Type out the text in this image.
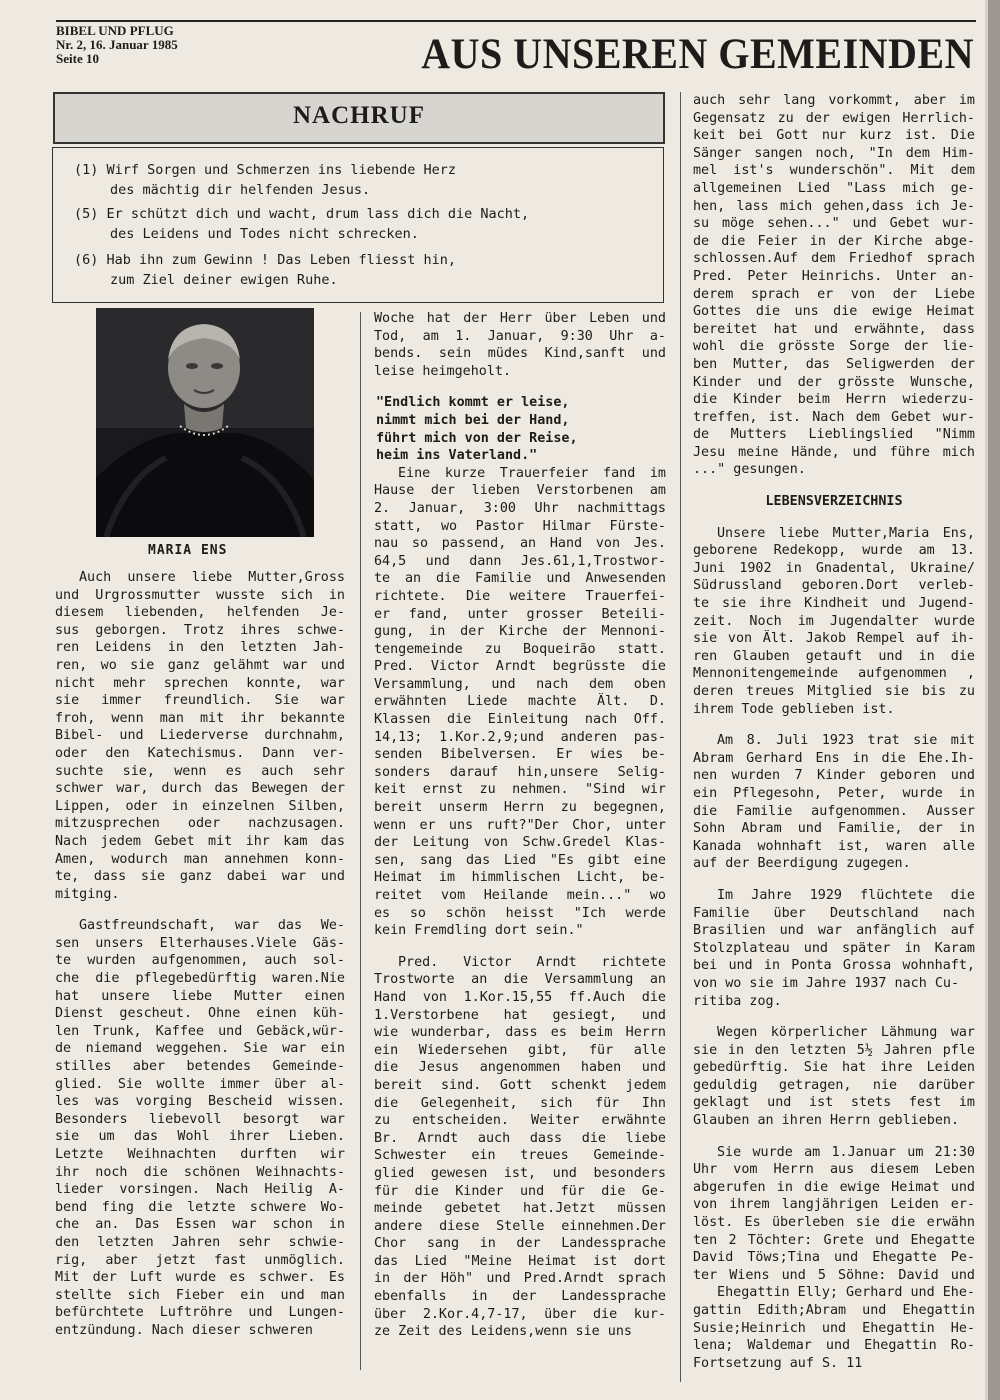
BIBEL UND PFLUG
Nr. 2, 16. Januar 1985
Seite 10	AUS UNSEREN GEMEINDEN
NACHRUF
(1) Wirf Sorgen und Schmerzen ins liebende Herz
des mächtig dir helfenden Jesus.
(5) Er schützt dich und wacht, drum lass dich die Nacht,
des Leidens und Todes nicht schrecken.
(6) Hab ihn zum Gewinn ! Das Leben fliesst hin,
zum Ziel deiner ewigen Ruhe.
MARIA ENS
Auch unsere liebe Mutter,Gross
und Urgrossmutter wusste sich in
diesem liebenden, helfenden Je-
sus geborgen. Trotz ihres schwe-
ren Leidens in den letzten Jah-
ren, wo sie ganz gelähmt war und
nicht mehr sprechen konnte, war
sie immer freundlich. Sie war
froh, wenn man mit ihr bekannte
Bibel- und Liederverse durchnahm,
oder den Katechismus. Dann ver-
suchte sie, wenn es auch sehr
schwer war, durch das Bewegen der
Lippen, oder in einzelnen Silben,
mitzusprechen oder nachzusagen.
Nach jedem Gebet mit ihr kam das
Amen, wodurch man annehmen konn-
te, dass sie ganz dabei war und
mitging.
Gastfreundschaft, war das We-
sen unsers Elterhauses.Viele Gäs-
te wurden aufgenommen, auch sol-
che die pflegebedürftig waren.Nie
hat unsere liebe Mutter einen
Dienst gescheut. Ohne einen küh-
len Trunk, Kaffee und Gebäck,wür-
de niemand weggehen. Sie war ein
stilles aber betendes Gemeinde-
glied. Sie wollte immer über al-
les was vorging Bescheid wissen.
Besonders liebevoll besorgt war
sie um das Wohl ihrer Lieben.
Letzte Weihnachten durften wir
ihr noch die schönen Weihnachts-
lieder vorsingen. Nach Heilig A-
bend fing die letzte schwere Wo-
che an. Das Essen war schon in
den letzten Jahren sehr schwie-
rig, aber jetzt fast unmöglich.
Mit der Luft wurde es schwer. Es
stellte sich Fieber ein und man
befürchtete Luftröhre und Lungen-
entzündung. Nach dieser schweren
Woche hat der Herr über Leben und
Tod, am 1. Januar, 9:30 Uhr a-
bends. sein müdes Kind,sanft und
leise heimgeholt.
"Endlich kommt er leise,
nimmt mich bei der Hand,
führt mich von der Reise,
heim ins Vaterland."
Eine kurze Trauerfeier fand im
Hause der lieben Verstorbenen am
2. Januar, 3:00 Uhr nachmittags
statt, wo Pastor Hilmar Fürste-
nau so passend, an Hand von Jes.
64,5 und dann Jes.61,1,Trostwor-
te an die Familie und Anwesenden
richtete. Die weitere Trauerfei-
er fand, unter grosser Beteili-
gung, in der Kirche der Mennoni-
tengemeinde zu Boqueirão statt.
Pred. Victor Arndt begrüsste die
Versammlung, und nach dem oben
erwähnten Liede machte Ält. D.
Klassen die Einleitung nach Off.
14,13; 1.Kor.2,9;und anderen pas-
senden Bibelversen. Er wies be-
sonders darauf hin,unsere Selig-
keit ernst zu nehmen. "Sind wir
bereit unserm Herrn zu begegnen,
wenn er uns ruft?"Der Chor, unter
der Leitung von Schw.Gredel Klas-
sen, sang das Lied "Es gibt eine
Heimat im himmlischen Licht, be-
reitet vom Heilande mein..." wo
es so schön heisst "Ich werde
kein Fremdling dort sein."
Pred. Victor Arndt richtete
Trostworte an die Versammlung an
Hand von 1.Kor.15,55 ff.Auch die
1.Verstorbene hat gesiegt, und
wie wunderbar, dass es beim Herrn
ein Wiedersehen gibt, für alle
die Jesus angenommen haben und
bereit sind. Gott schenkt jedem
die Gelegenheit, sich für Ihn
zu entscheiden. Weiter erwähnte
Br. Arndt auch dass die liebe
Schwester ein treues Gemeinde-
glied gewesen ist, und besonders
für die Kinder und für die Ge-
meinde gebetet hat.Jetzt müssen
andere diese Stelle einnehmen.Der
Chor sang in der Landessprache
das Lied "Meine Heimat ist dort
in der Höh" und Pred.Arndt sprach
ebenfalls in der Landessprache
über 2.Kor.4,7-17, über die kur-
ze Zeit des Leidens,wenn sie uns
auch sehr lang vorkommt, aber im
Gegensatz zu der ewigen Herrlich-
keit bei Gott nur kurz ist. Die
Sänger sangen noch, "In dem Him-
mel ist's wunderschön". Mit dem
allgemeinen Lied "Lass mich ge-
hen, lass mich gehen,dass ich Je-
su möge sehen..." und Gebet wur-
de die Feier in der Kirche abge-
schlossen.Auf dem Friedhof sprach
Pred. Peter Heinrichs. Unter an-
derem sprach er von der Liebe
Gottes die uns die ewige Heimat
bereitet hat und erwähnte, dass
wohl die grösste Sorge der lie-
ben Mutter, das Seligwerden der
Kinder und der grösste Wunsche,
die Kinder beim Herrn wiederzu-
treffen, ist. Nach dem Gebet wur-
de Mutters Lieblingslied "Nimm
Jesu meine Hände, und führe mich
..." gesungen.
LEBENSVERZEICHNIS
Unsere liebe Mutter,Maria Ens,
geborene Redekopp, wurde am 13.
Juni 1902 in Gnadental, Ukraine/
Südrussland geboren.Dort verleb-
te sie ihre Kindheit und Jugend-
zeit. Noch im Jugendalter wurde
sie von Ält. Jakob Rempel auf ih-
ren Glauben getauft und in die
Mennonitengemeinde aufgenommen ,
deren treues Mitglied sie bis zu
ihrem Tode geblieben ist.
Am 8. Juli 1923 trat sie mit
Abram Gerhard Ens in die Ehe.Ih-
nen wurden 7 Kinder geboren und
ein Pflegesohn, Peter, wurde in
die Familie aufgenommen. Ausser
Sohn Abram und Familie, der in
Kanada wohnhaft ist, waren alle
auf der Beerdigung zugegen.
Im Jahre 1929 flüchtete die
Familie über Deutschland nach
Brasilien und war anfänglich auf
Stolzplateau und später in Karam
bei und in Ponta Grossa wohnhaft,
von wo sie im Jahre 1937 nach Cu-
ritiba zog.
Wegen körperlicher Lähmung war
sie in den letzten 5½ Jahren pfle
gebedürftig. Sie hat ihre Leiden
geduldig getragen, nie darüber
geklagt und ist stets fest im
Glauben an ihren Herrn geblieben.
Sie wurde am 1.Januar um 21:30
Uhr vom Herrn aus diesem Leben
abgerufen in die ewige Heimat und
von ihrem langjährigen Leiden er-
löst. Es überleben sie die erwähn
ten 2 Töchter: Grete und Ehegatte
David Töws;Tina und Ehegatte Pe-
ter Wiens und 5 Söhne: David und
Ehegattin Elly; Gerhard und Ehe-
gattin Edith;Abram und Ehegattin
Susie;Heinrich und Ehegattin He-
lena; Waldemar und Ehegattin Ro-
Fortsetzung auf S. 11
